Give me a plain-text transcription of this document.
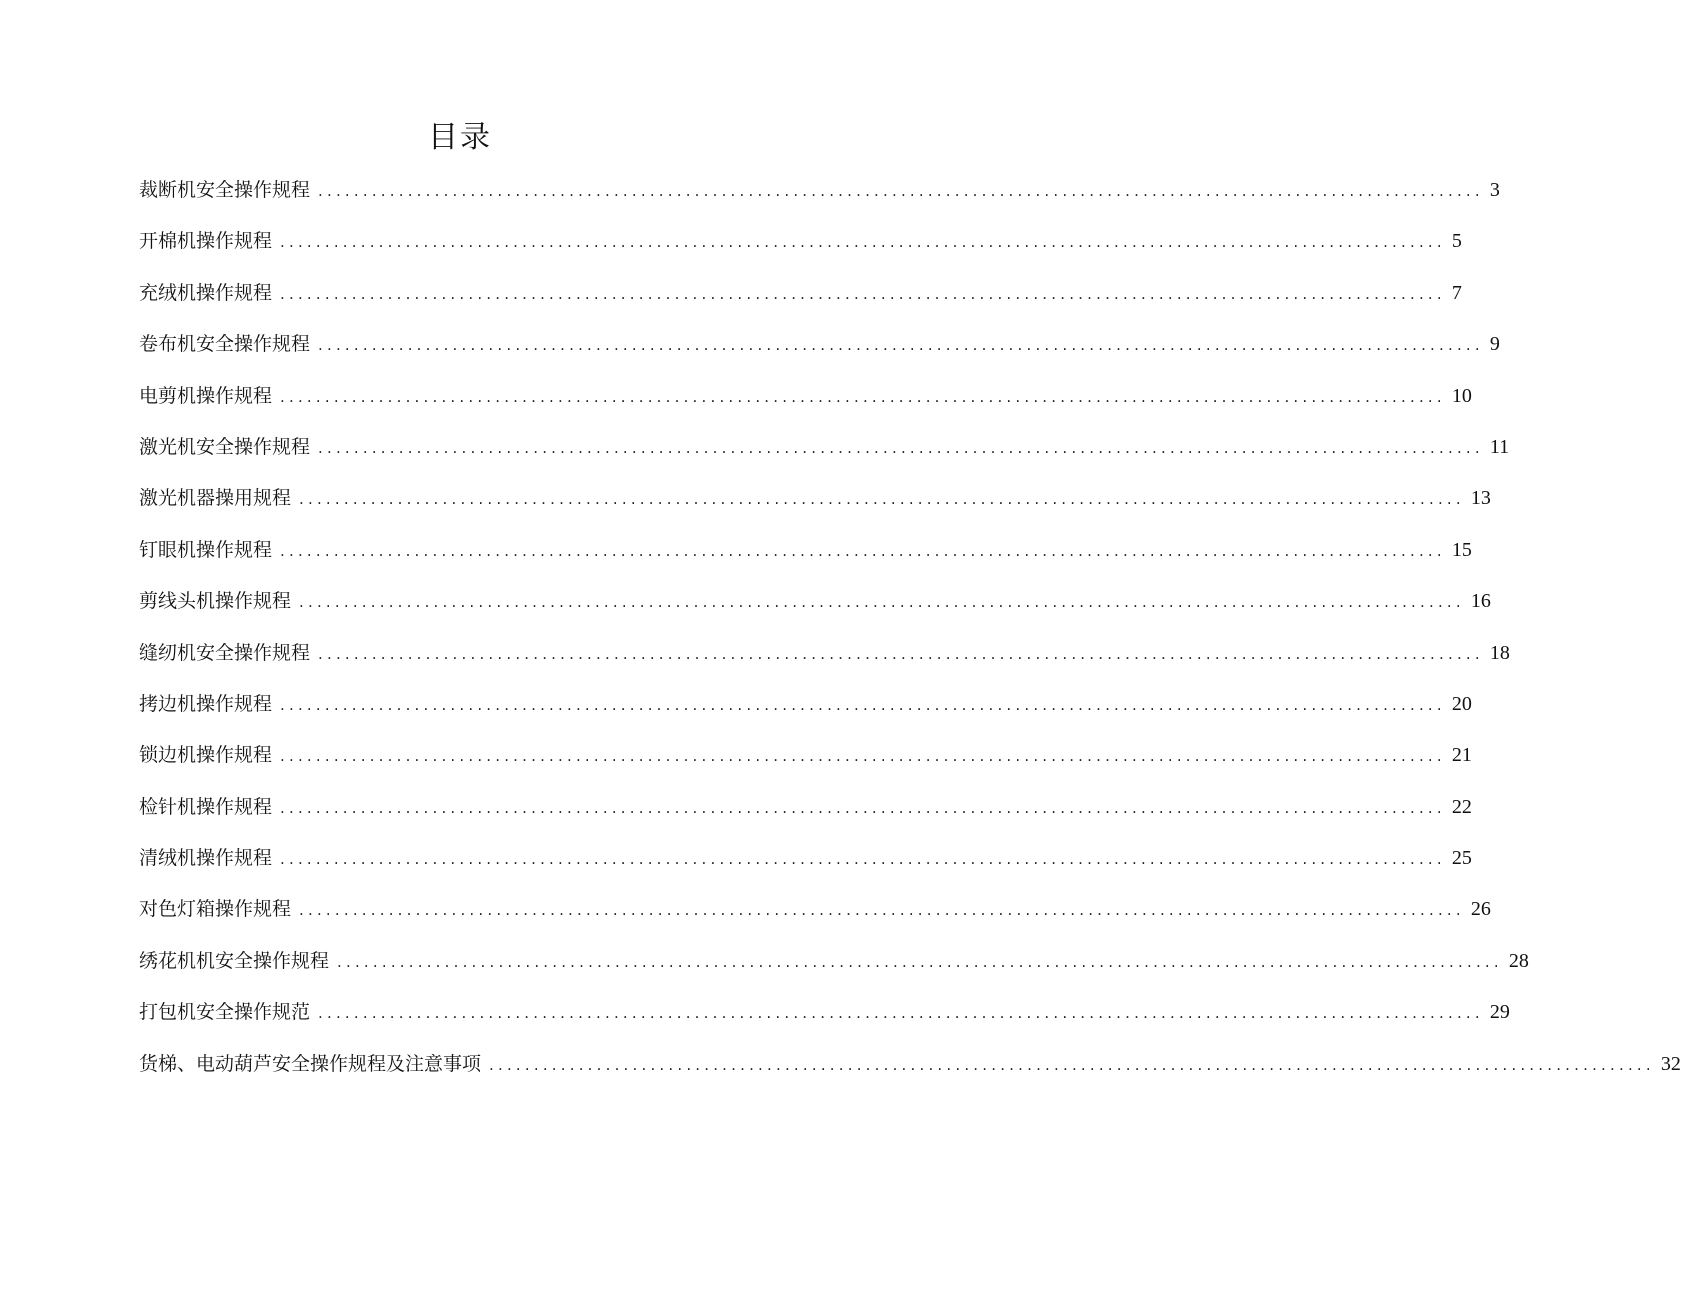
目录
裁断机安全操作规程 .................................................................................................................................. 3
开棉机操作规程 .................................................................................................................................. 5
充绒机操作规程 .................................................................................................................................. 7
卷布机安全操作规程 .................................................................................................................................. 9
电剪机操作规程 .................................................................................................................................. 10
激光机安全操作规程 .................................................................................................................................. 11
激光机器操用规程 .................................................................................................................................. 13
钉眼机操作规程 .................................................................................................................................. 15
剪线头机操作规程 .................................................................................................................................. 16
缝纫机安全操作规程 .................................................................................................................................. 18
拷边机操作规程 .................................................................................................................................. 20
锁边机操作规程 .................................................................................................................................. 21
检针机操作规程 .................................................................................................................................. 22
清绒机操作规程 .................................................................................................................................. 25
对色灯箱操作规程 .................................................................................................................................. 26
绣花机机安全操作规程 .................................................................................................................................. 28
打包机安全操作规范 .................................................................................................................................. 29
货梯、电动葫芦安全操作规程及注意事项 .................................................................................................................................. 32
